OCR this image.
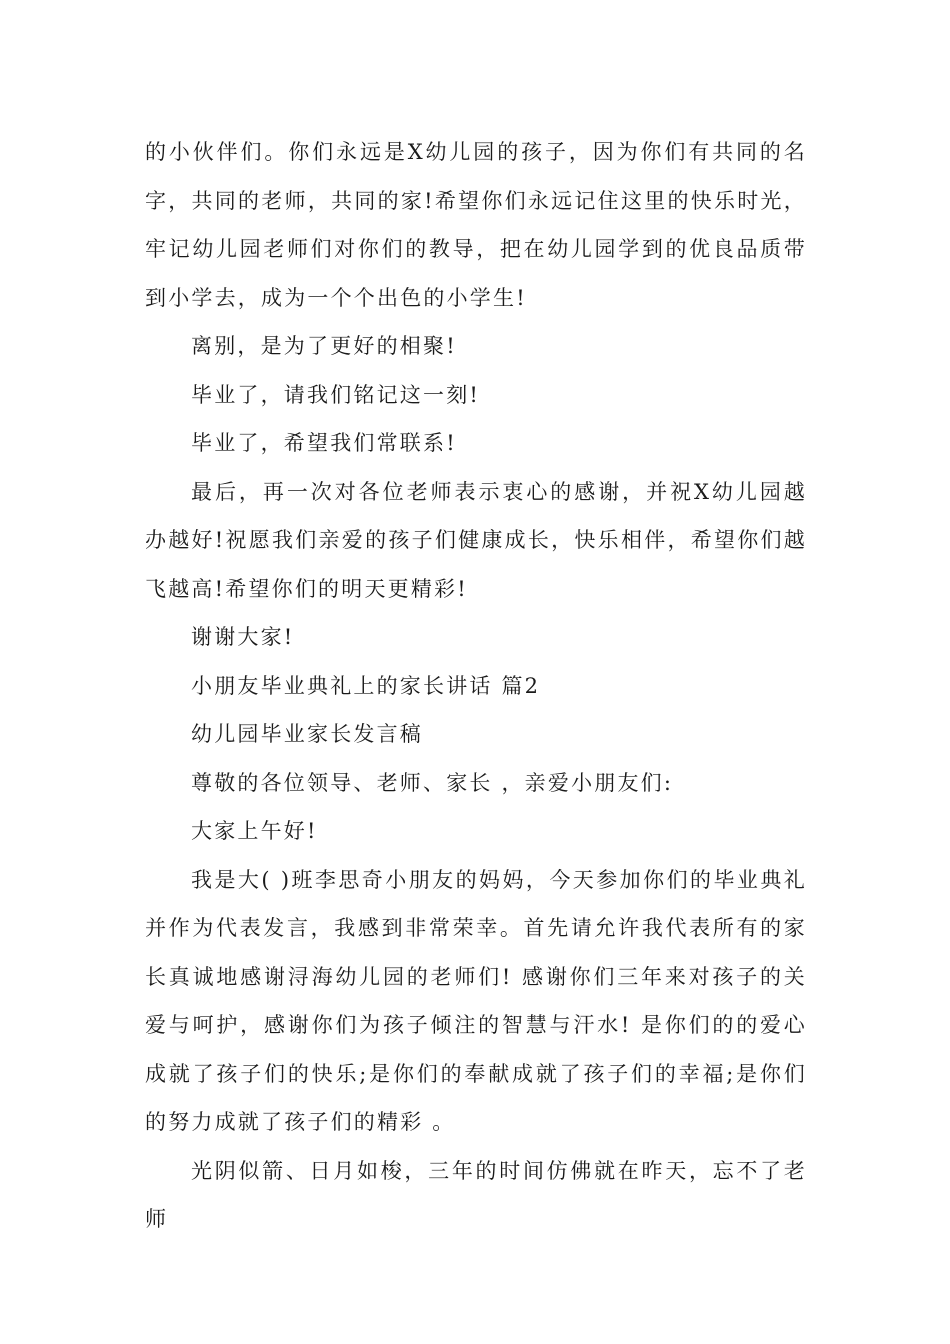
的小伙伴们。你们永远是X幼儿园的孩子，因为你们有共同的名字，共同的老师，共同的家!希望你们永远记住这里的快乐时光，牢记幼儿园老师们对你们的教导，把在幼儿园学到的优良品质带到小学去，成为一个个出色的小学生!

离别，是为了更好的相聚!

毕业了，请我们铭记这一刻!

毕业了，希望我们常联系!

最后，再一次对各位老师表示衷心的感谢，并祝X幼儿园越办越好!祝愿我们亲爱的孩子们健康成长，快乐相伴，希望你们越飞越高!希望你们的明天更精彩!

谢谢大家!

小朋友毕业典礼上的家长讲话 篇2

幼儿园毕业家长发言稿

尊敬的各位领导、老师、家长 ，亲爱小朋友们:

大家上午好!

我是大( )班李思奇小朋友的妈妈，今天参加你们的毕业典礼并作为代表发言，我感到非常荣幸。首先请允许我代表所有的家长真诚地感谢浔海幼儿园的老师们! 感谢你们三年来对孩子的关爱与呵护，感谢你们为孩子倾注的智慧与汗水! 是你们的的爱心成就了孩子们的快乐;是你们的奉献成就了孩子们的幸福;是你们的努力成就了孩子们的精彩 。

光阴似箭、日月如梭，三年的时间仿佛就在昨天，忘不了老师
